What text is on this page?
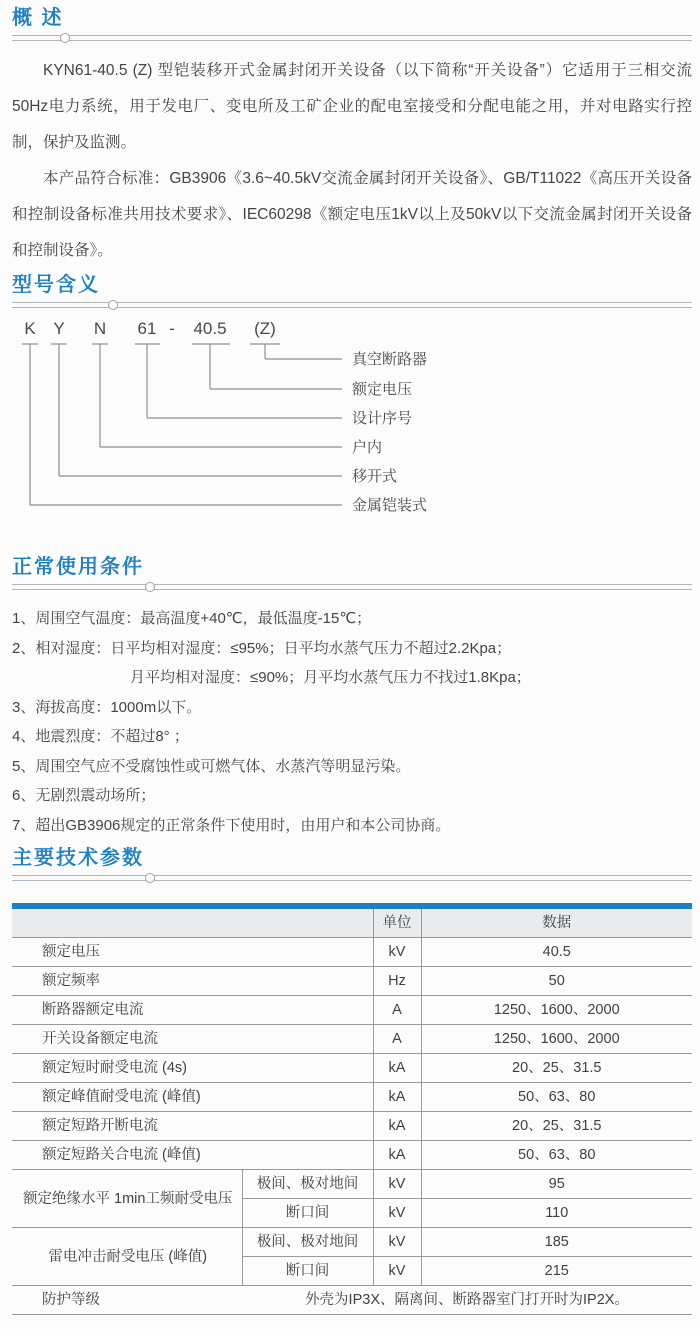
概 述

KYN61-40.5 (Z) 型铠装移开式金属封闭开关设备（以下简称“开关设备”）它适用于三相交流50Hz电力系统，用于发电厂、变电所及工矿企业的配电室接受和分配电能之用，并对电路实行控制，保护及监测。

本产品符合标准：GB3906《3.6~40.5kV交流金属封闭开关设备》、GB/T11022《高压开关设备和控制设备标准共用技术要求》、IEC60298《额定电压1kV以上及50kV以下交流金属封闭开关设备和控制设备》。

型号含义
K Y N 61 - 40.5 (Z)
真空断路器
额定电压
设计序号
户内
移开式
金属铠装式
正常使用条件
1、周围空气温度：最高温度+40℃，最低温度-15℃；
2、相对湿度：日平均相对湿度：≤95%；日平均水蒸气压力不超过2.2Kpa；
月平均相对湿度：≤90%；月平均水蒸气压力不找过1.8Kpa；
3、海拔高度：1000m以下。
4、地震烈度：不超过8° ；
5、周围空气应不受腐蚀性或可燃气体、水蒸汽等明显污染。
6、无剧烈震动场所；
7、超出GB3906规定的正常条件下使用时，由用户和本公司协商。
主要技术参数
		单位	数据
额定电压		kV	40.5
额定频率		Hz	50
断路器额定电流		A	1250、1600、2000
开关设备额定电流		A	1250、1600、2000
额定短时耐受电流 (4s)		kA	20、25、31.5
额定峰值耐受电流 (峰值)		kA	50、63、80
额定短路开断电流		kA	20、25、31.5
额定短路关合电流 (峰值)		kA	50、63、80
额定绝缘水平 1min工频耐受电压	极间、极对地间	kV	95
	断口间	kV	110
雷电冲击耐受电压 (峰值)	极间、极对地间	kV	185
	断口间	kV	215
防护等级	外壳为IP3X、隔离间、断路器室门打开时为IP2X。		
